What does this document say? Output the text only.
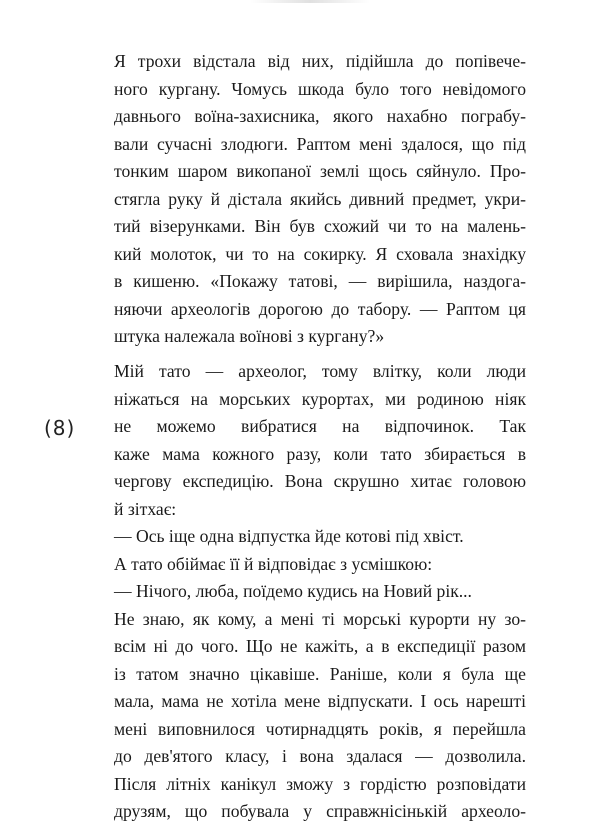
Я трохи відстала від них, підійшла до попівече-
ного кургану. Чомусь шкода було того невідомого
давнього воїна-захисника, якого нахабно пограбу-
вали сучасні злодюги. Раптом мені здалося, що під
тонким шаром викопаної землі щось сяйнуло. Про-
стягла руку й дістала якийсь дивний предмет, укри-
тий візерунками. Він був схожий чи то на малень-
кий молоток, чи то на сокирку. Я сховала знахідку
в кишеню. «Покажу татові, — вирішила, наздога-
няючи археологів дорогою до табору. — Раптом ця
штука належала воїнові з кургану?»
(8)
Мій тато — археолог, тому влітку, коли люди
ніжаться на морських курортах, ми родиною ніяк
не можемо вибратися на відпочинок. Так
каже мама кожного разу, коли тато збирається в
чергову експедицію. Вона скрушно хитає головою
й зітхає:
— Ось іще одна відпустка йде котові під хвіст.
А тато обіймає її й відповідає з усмішкою:
— Нічого, люба, поїдемо кудись на Новий рік...
Не знаю, як кому, а мені ті морські курорти ну зо-
всім ні до чого. Що не кажіть, а в експедиції разом
із татом значно цікавіше. Раніше, коли я була ще
мала, мама не хотіла мене відпускати. І ось нарешті
мені виповнилося чотирнадцять років, я перейшла
до дев'ятого класу, і вона здалася — дозволила.
Після літніх канікул зможу з гордістю розповідати
друзям, що побувала у справжнісінькій археоло-
